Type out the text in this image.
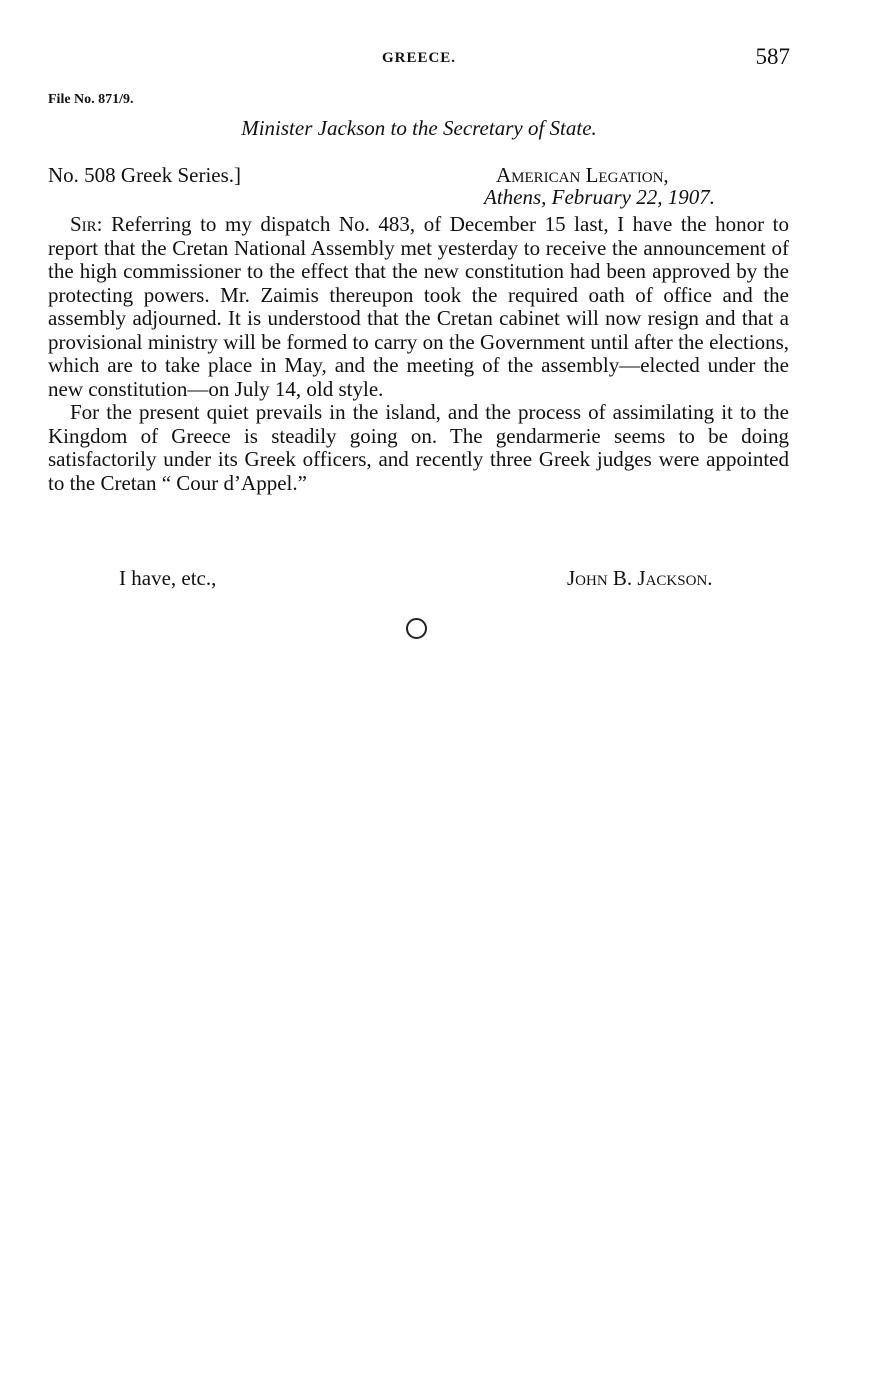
GREECE.	587
File No. 871/9.
Minister Jackson to the Secretary of State.
No. 508 Greek Series.]	American Legation,
Athens, February 22, 1907.

Sir: Referring to my dispatch No. 483, of December 15 last, I have the honor to report that the Cretan National Assembly met yesterday to receive the announcement of the high commissioner to the effect that the new constitution had been approved by the protecting powers. Mr. Zaimis thereupon took the required oath of office and the assembly adjourned. It is understood that the Cretan cabinet will now resign and that a provisional ministry will be formed to carry on the Government until after the elections, which are to take place in May, and the meeting of the assembly—elected under the new constitution—on July 14, old style.

For the present quiet prevails in the island, and the process of assimilating it to the Kingdom of Greece is steadily going on. The gendarmerie seems to be doing satisfactorily under its Greek officers, and recently three Greek judges were appointed to the Cretan “ Cour d’Appel.”

I have, etc.,	John B. Jackson.
